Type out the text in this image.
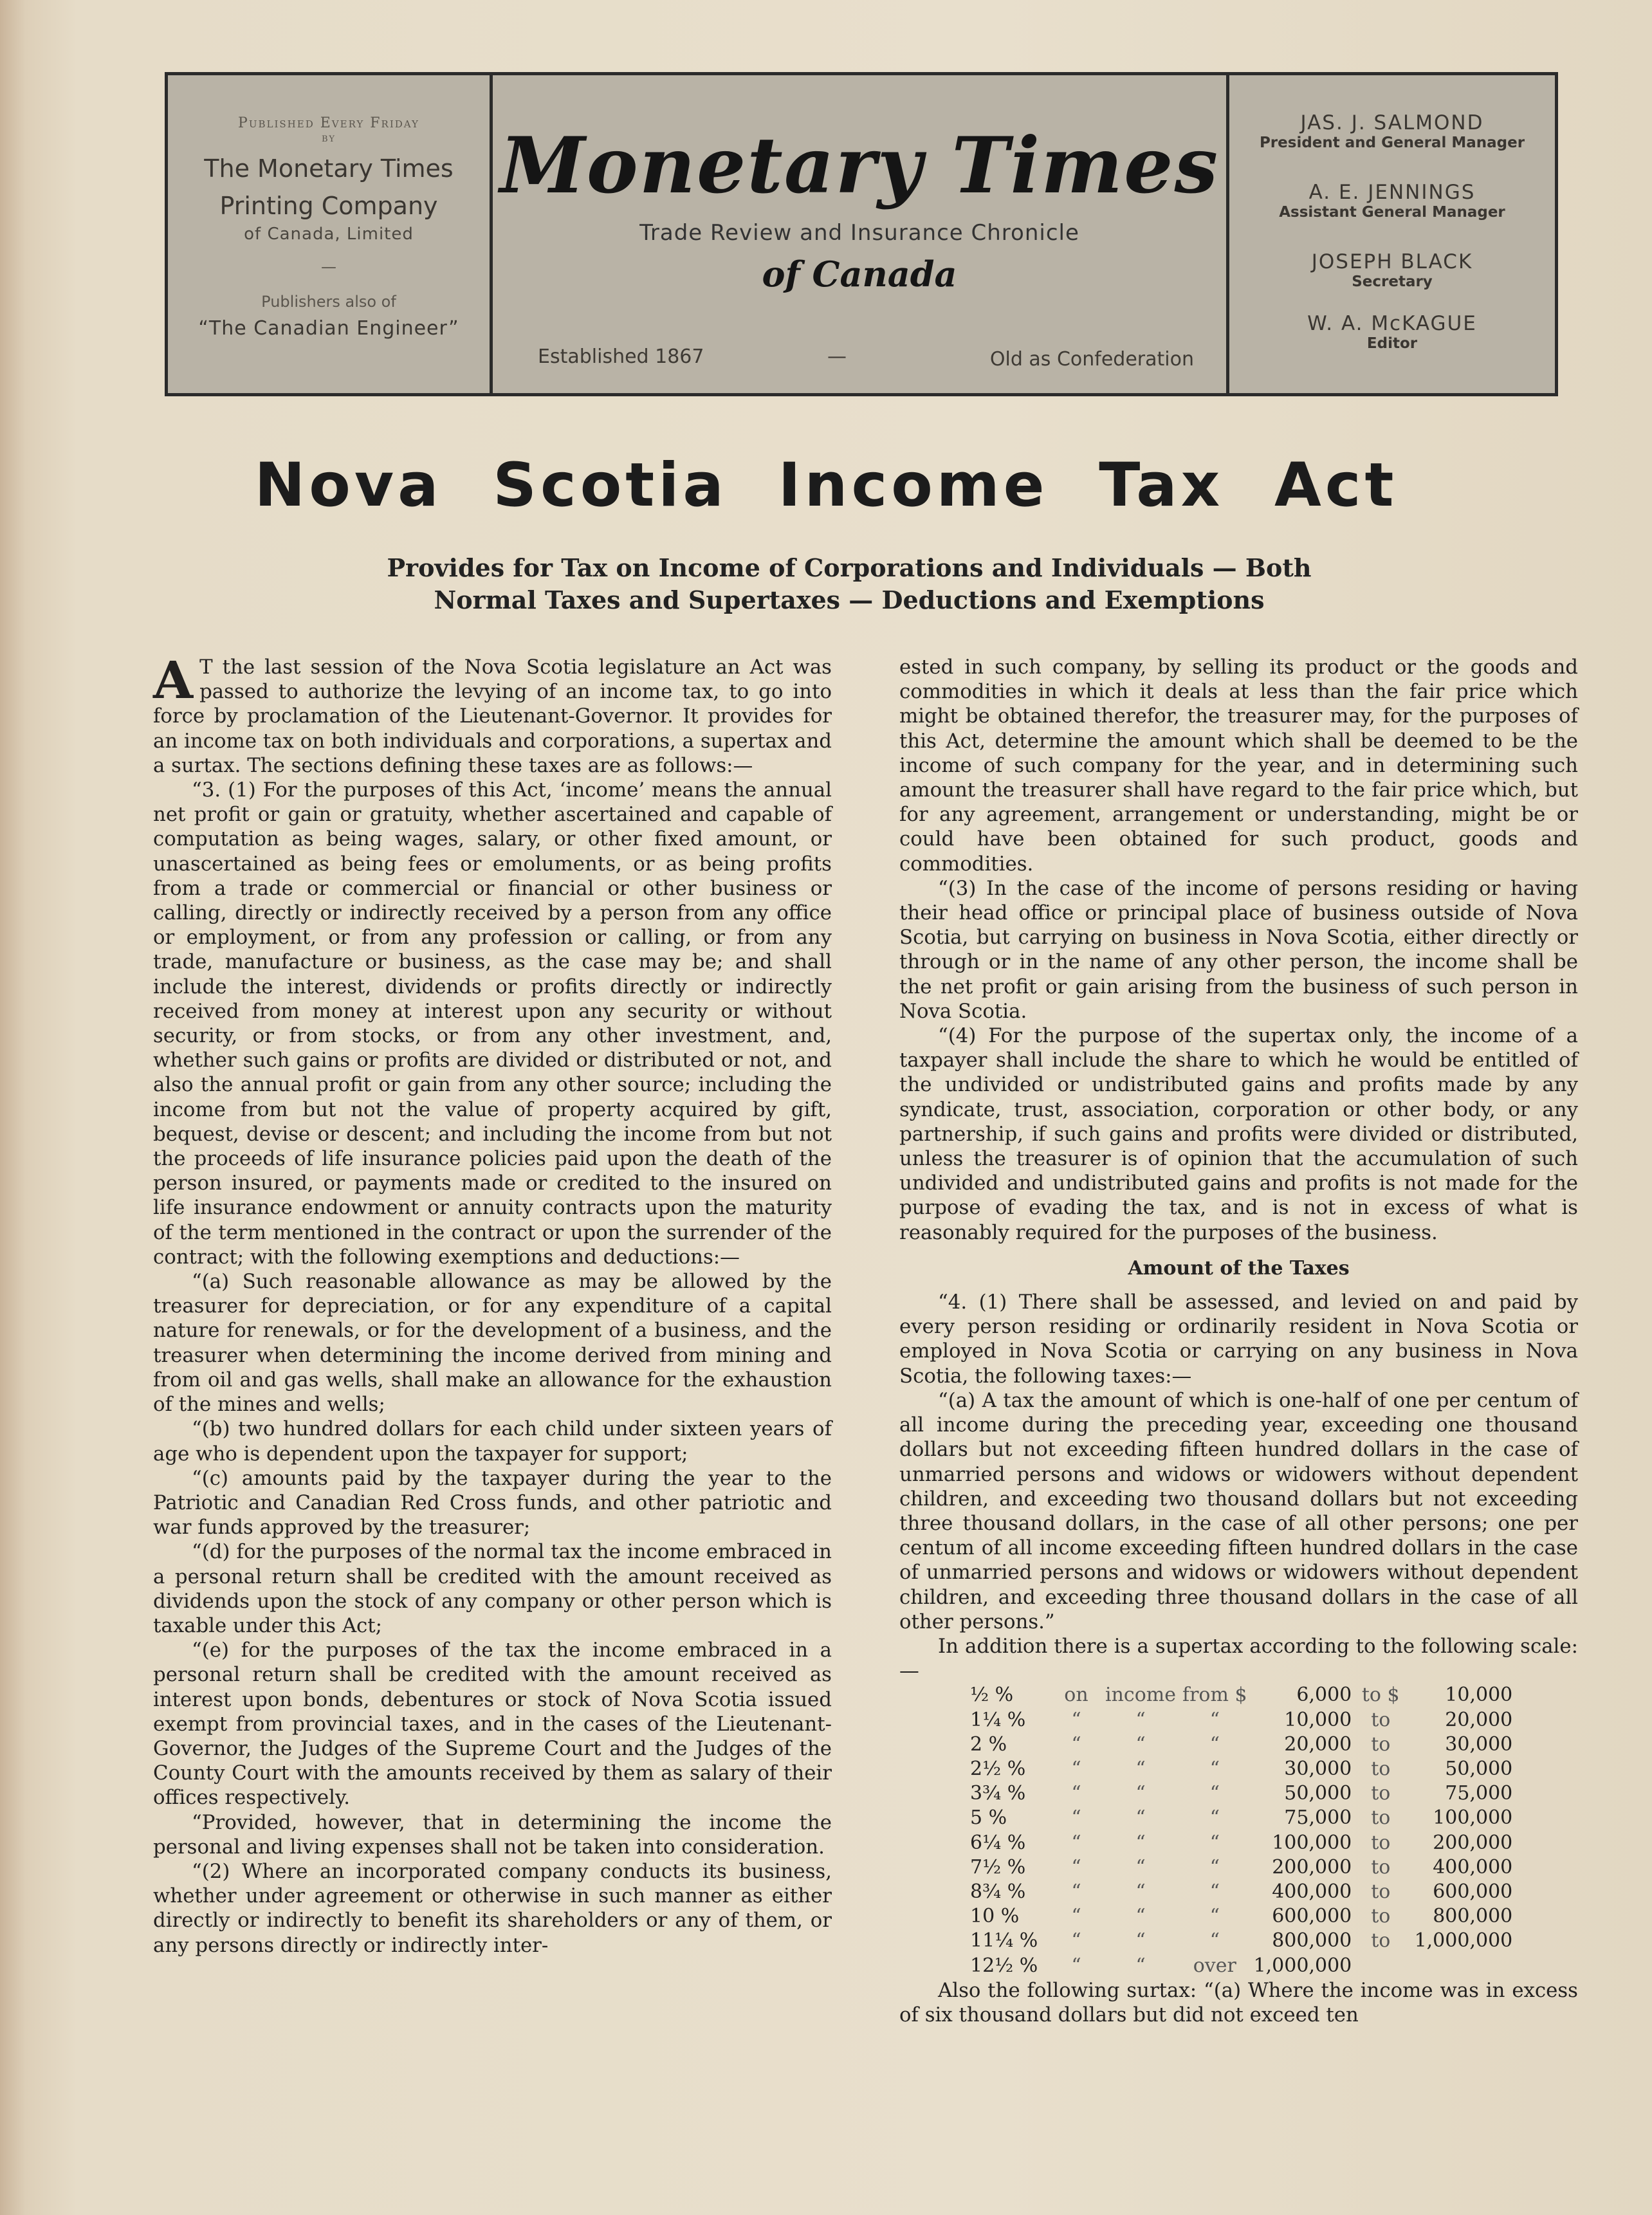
Published Every Friday
by
The Monetary Times
Printing Company
of Canada, Limited
—
Publishers also of
“The Canadian Engineer”
Monetary Times
Trade Review and Insurance Chronicle
of Canada
Established 1867	—	Old as Confederation
JAS. J. SALMOND
President and General Manager
A. E. JENNINGS
Assistant General Manager
JOSEPH BLACK
Secretary
W. A. McKAGUE
Editor
Nova Scotia Income Tax Act
Provides for Tax on Income of Corporations and Individuals — Both
Normal Taxes and Supertaxes — Deductions and Exemptions

A T the last session of the Nova Scotia legislature an Act was passed to authorize the levying of an income tax, to go into force by proclamation of the Lieutenant-Governor. It provides for an income tax on both individuals and corporations, a supertax and a surtax. The sections defining these taxes are as follows:—

“3. (1) For the purposes of this Act, ‘income’ means the annual net profit or gain or gratuity, whether ascertained and capable of computation as being wages, salary, or other fixed amount, or unascertained as being fees or emoluments, or as being profits from a trade or commercial or financial or other business or calling, directly or indirectly received by a person from any office or employment, or from any profession or calling, or from any trade, manufacture or business, as the case may be; and shall include the interest, dividends or profits directly or indirectly received from money at interest upon any security or without security, or from stocks, or from any other investment, and, whether such gains or profits are divided or distributed or not, and also the annual profit or gain from any other source; including the income from but not the value of property acquired by gift, bequest, devise or descent; and including the income from but not the proceeds of life insurance policies paid upon the death of the person insured, or payments made or credited to the insured on life insurance endowment or annuity contracts upon the maturity of the term mentioned in the contract or upon the surrender of the contract; with the following exemptions and deductions:—

“(a) Such reasonable allowance as may be allowed by the treasurer for depreciation, or for any expenditure of a capital nature for renewals, or for the development of a business, and the treasurer when determining the income derived from mining and from oil and gas wells, shall make an allowance for the exhaustion of the mines and wells;

“(b) two hundred dollars for each child under sixteen years of age who is dependent upon the taxpayer for support;

“(c) amounts paid by the taxpayer during the year to the Patriotic and Canadian Red Cross funds, and other patriotic and war funds approved by the treasurer;

“(d) for the purposes of the normal tax the income embraced in a personal return shall be credited with the amount received as dividends upon the stock of any company or other person which is taxable under this Act;

“(e) for the purposes of the tax the income embraced in a personal return shall be credited with the amount received as interest upon bonds, debentures or stock of Nova Scotia issued exempt from provincial taxes, and in the cases of the Lieutenant-Governor, the Judges of the Supreme Court and the Judges of the County Court with the amounts received by them as salary of their offices respectively.

“Provided, however, that in determining the income the personal and living expenses shall not be taken into consideration.

“(2) Where an incorporated company conducts its business, whether under agreement or otherwise in such manner as either directly or indirectly to benefit its shareholders or any of them, or any persons directly or indirectly inter-

ested in such company, by selling its product or the goods and commodities in which it deals at less than the fair price which might be obtained therefor, the treasurer may, for the purposes of this Act, determine the amount which shall be deemed to be the income of such company for the year, and in determining such amount the treasurer shall have regard to the fair price which, but for any agreement, arrangement or understanding, might be or could have been obtained for such product, goods and commodities.

“(3) In the case of the income of persons residing or having their head office or principal place of business outside of Nova Scotia, but carrying on business in Nova Scotia, either directly or through or in the name of any other person, the income shall be the net profit or gain arising from the business of such person in Nova Scotia.

“(4) For the purpose of the supertax only, the income of a taxpayer shall include the share to which he would be entitled of the undivided or undistributed gains and profits made by any syndicate, trust, association, corporation or other body, or any partnership, if such gains and profits were divided or distributed, unless the treasurer is of opinion that the accumulation of such undivided and undistributed gains and profits is not made for the purpose of evading the tax, and is not in excess of what is reasonably required for the purposes of the business.

Amount of the Taxes

“4. (1) There shall be assessed, and levied on and paid by every person residing or ordinarily resident in Nova Scotia or employed in Nova Scotia or carrying on any business in Nova Scotia, the following taxes:—

“(a) A tax the amount of which is one-half of one per centum of all income during the preceding year, exceeding one thousand dollars but not exceeding fifteen hundred dollars in the case of unmarried persons and widows or widowers without dependent children, and exceeding two thousand dollars but not exceeding three thousand dollars, in the case of all other persons; one per centum of all income exceeding fifteen hundred dollars in the case of unmarried persons and widows or widowers without dependent children, and exceeding three thousand dollars in the case of all other persons.”

In addition there is a supertax according to the following scale:—

½ %	on	income	from $	6,000	to $	10,000
1¼ %	“	“	“	10,000	to	20,000
2 %	“	“	“	20,000	to	30,000
2½ %	“	“	“	30,000	to	50,000
3¾ %	“	“	“	50,000	to	75,000
5 %	“	“	“	75,000	to	100,000
6¼ %	“	“	“	100,000	to	200,000
7½ %	“	“	“	200,000	to	400,000
8¾ %	“	“	“	400,000	to	600,000
10 %	“	“	“	600,000	to	800,000
11¼ %	“	“	“	800,000	to	1,000,000
12½ %	“	“	over	1,000,000		

Also the following surtax: “(a) Where the income was in excess of six thousand dollars but did not exceed ten
